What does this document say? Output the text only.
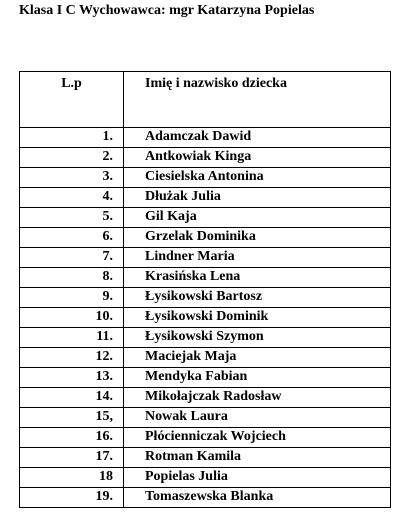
Klasa I C Wychowawca: mgr Katarzyna Popielas
L.p	Imię i nazwisko dziecka
1.	Adamczak Dawid
2.	Antkowiak Kinga
3.	Ciesielska Antonina
4.	Dłużak Julia
5.	Gil Kaja
6.	Grzelak Dominika
7.	Lindner Maria
8.	Krasińska Lena
9.	Łysikowski Bartosz
10.	Łysikowski Dominik
11.	Łysikowski Szymon
12.	Maciejak Maja
13.	Mendyka Fabian
14.	Mikołajczak Radosław
15,	Nowak Laura
16.	Płócienniczak Wojciech
17.	Rotman Kamila
18	Popielas Julia
19.	Tomaszewska Blanka
